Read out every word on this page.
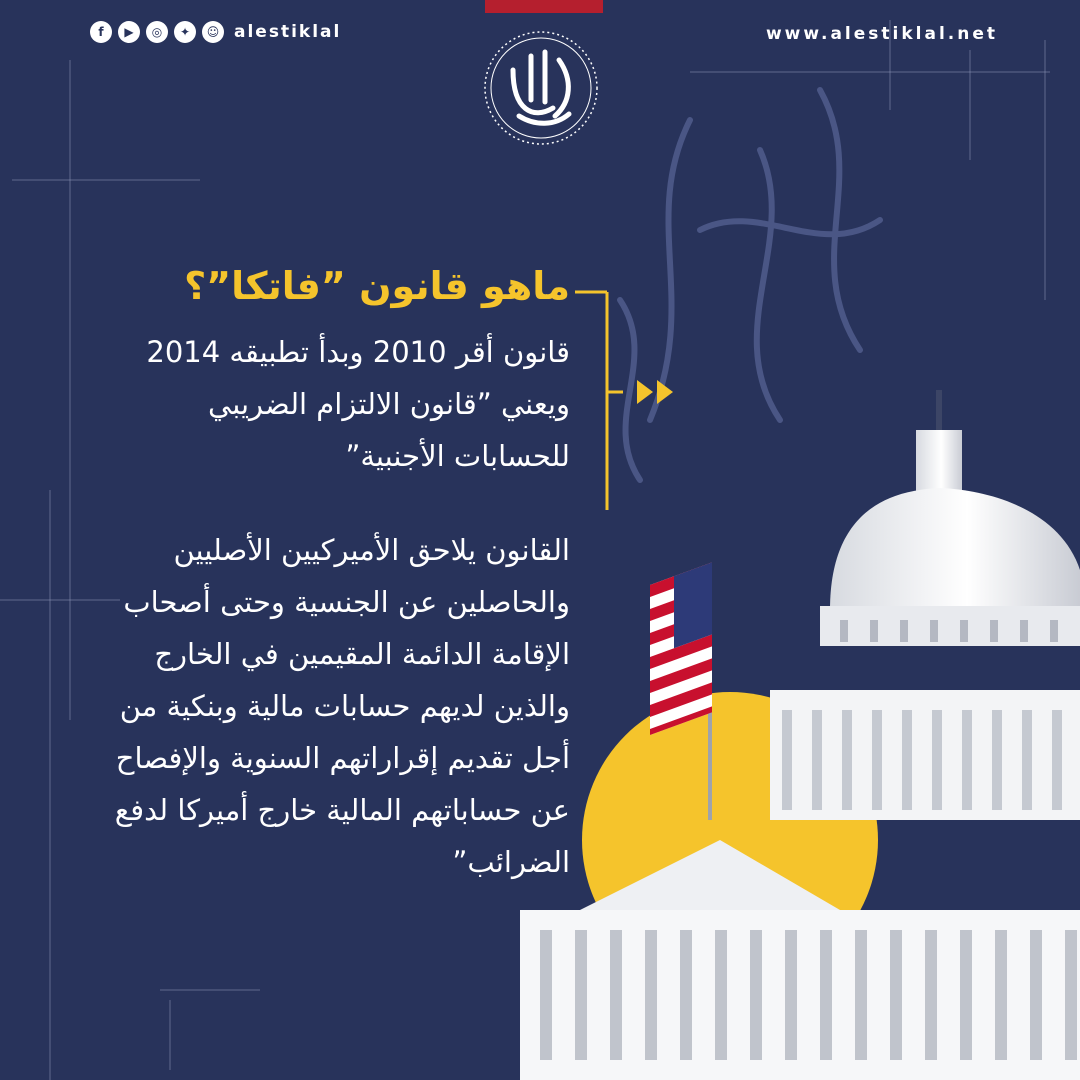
f	▶	◎	✦	☺ alestiklal	www.alestiklal.net
ماهو قانون ”فاتكا”؟

قانون أقر 2010 وبدأ تطبيقه 2014 ويعني ”قانون الالتزام الضريبي للحسابات الأجنبية”

القانون يلاحق الأميركيين الأصليين والحاصلين عن الجنسية وحتى أصحاب الإقامة الدائمة المقيمين في الخارج والذين لديهم حسابات مالية وبنكية من أجل تقديم إقراراتهم السنوية والإفصاح عن حساباتهم المالية خارج أميركا لدفع الضرائب”
